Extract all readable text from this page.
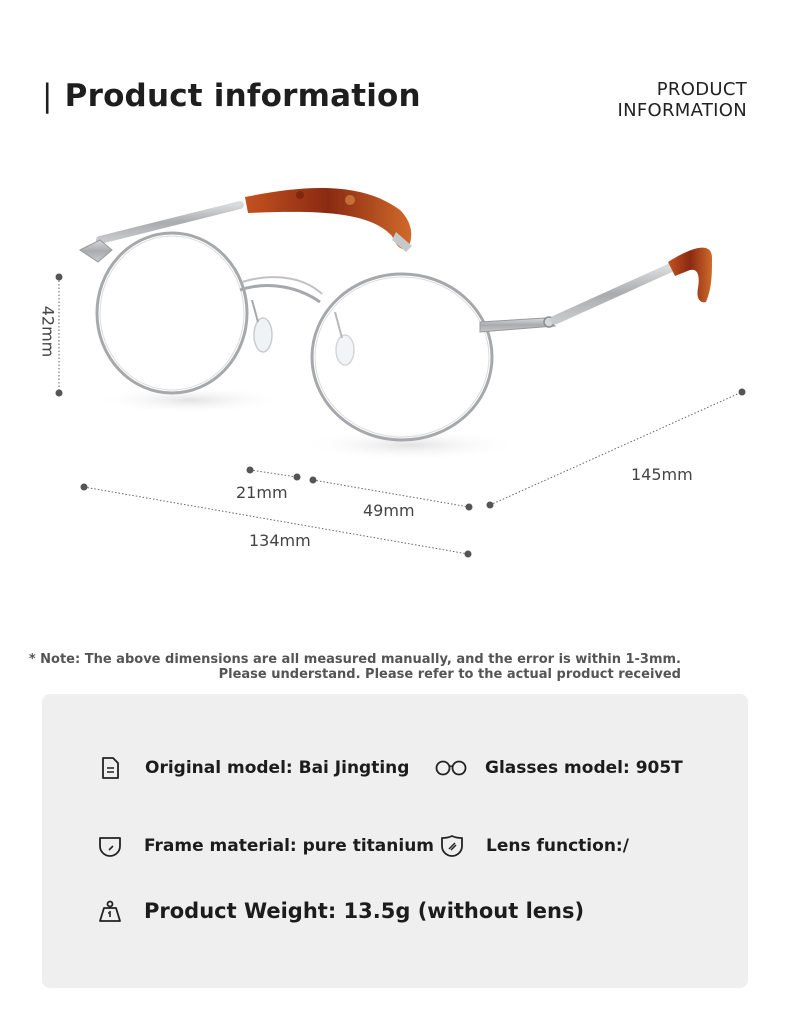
| Product information	PRODUCT
INFORMATION
42mm
21mm
49mm
134mm
145mm
* Note: The above dimensions are all measured manually, and the error is within 1-3mm.
Please understand. Please refer to the actual product received
Original model: Bai Jingting	Glasses model: 905T
Frame material: pure titanium	Lens function:/
Product Weight: 13.5g (without lens)
